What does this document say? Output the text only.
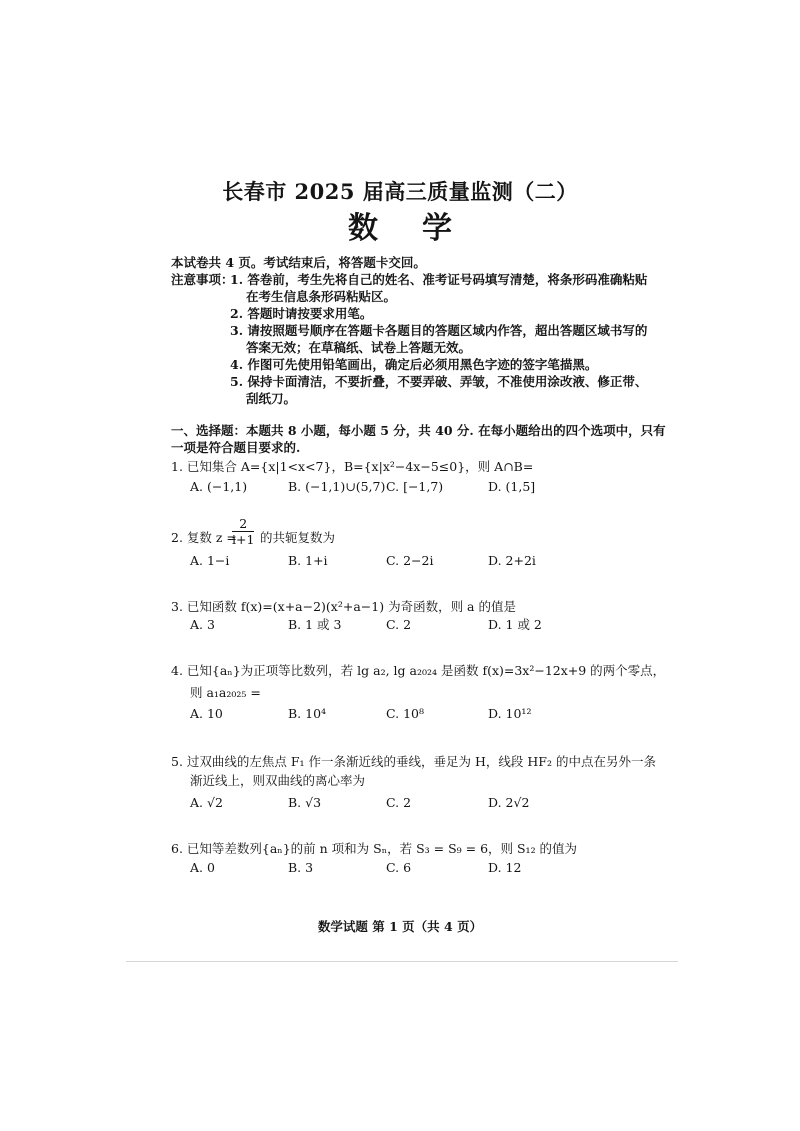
长春市 2025 届高三质量监测（二）
数学
本试卷共 4 页。考试结束后，将答题卡交回。
注意事项：
1. 答卷前，考生先将自己的姓名、准考证号码填写清楚，将条形码准确粘贴
在考生信息条形码粘贴区。
2. 答题时请按要求用笔。
3. 请按照题号顺序在答题卡各题目的答题区域内作答，超出答题区域书写的
答案无效；在草稿纸、试卷上答题无效。
4. 作图可先使用铅笔画出，确定后必须用黑色字迹的签字笔描黑。
5. 保持卡面清洁，不要折叠，不要弄破、弄皱，不准使用涂改液、修正带、
刮纸刀。
一、选择题：本题共 8 小题，每小题 5 分，共 40 分. 在每小题给出的四个选项中，只有
一项是符合题目要求的.
1. 已知集合 A={x|1<x<7}，B={x|x²−4x−5≤0}，则 A∩B=
A. (−1,1)	B. (−1,1)∪(5,7) C. [−1,7)	D. (1,5]
2. 复数 z =
$\frac{2}{i+1}$ 的共轭复数为
A. 1−i	B. 1+i	C. 2−2i	D. 2+2i
3. 已知函数 f(x)=(x+a−2)(x²+a−1) 为奇函数，则 a 的值是
A. 3	B. 1 或 3	C. 2	D. 1 或 2
4. 已知{aₙ}为正项等比数列，若 lg a₂, lg a₂₀₂₄ 是函数 f(x)=3x²−12x+9 的两个零点，
则 a₁a₂₀₂₅ =
A. 10	B. 10⁴	C. 10⁸	D. 10¹²
5. 过双曲线的左焦点 F₁ 作一条渐近线的垂线，垂足为 H，线段 HF₂ 的中点在另外一条
渐近线上，则双曲线的离心率为
A. √2	B. √3	C. 2	D. 2√2
6. 已知等差数列{aₙ}的前 n 项和为 Sₙ，若 S₃ = S₉ = 6，则 S₁₂ 的值为
A. 0	B. 3	C. 6	D. 12
数学试题 第 1 页（共 4 页）
